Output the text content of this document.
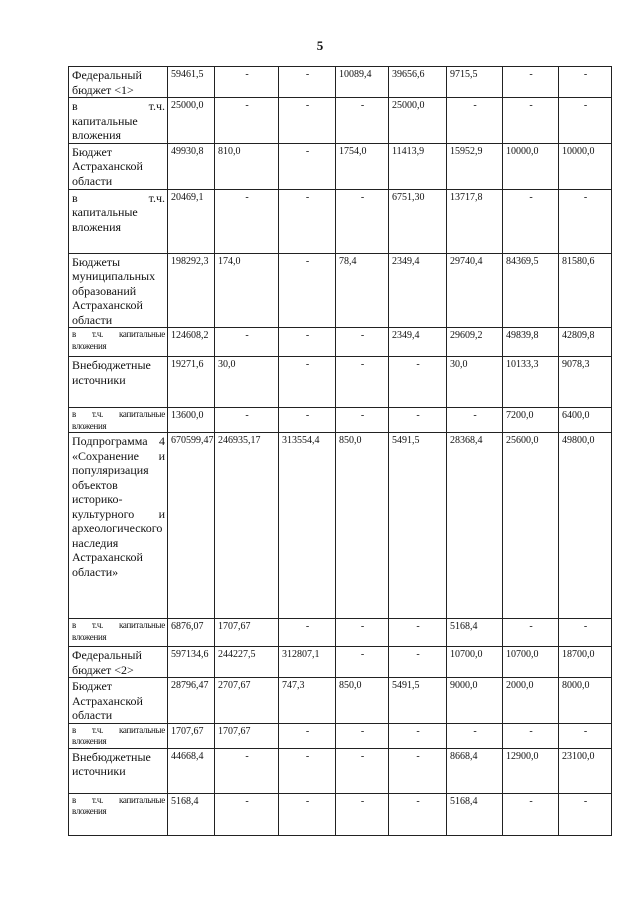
5
Федеральный бюджет <1>	59461,5	-	-	10089,4	39656,6	9715,5	-	-
в т.ч. капитальные вложения	25000,0	-	-	-	25000,0	-	-	-
Бюджет Астраханской области	49930,8	810,0	-	1754,0	11413,9	15952,9	10000,0	10000,0
в т.ч. капитальные вложения	20469,1	-	-	-	6751,30	13717,8	-	-
Бюджеты муниципальных образований Астраханской области	198292,3	174,0	-	78,4	2349,4	29740,4	84369,5	81580,6
в т.ч. капитальные вложения	124608,2	-	-	-	2349,4	29609,2	49839,8	42809,8
Внебюджетные источники	19271,6	30,0	-	-	-	30,0	10133,3	9078,3
в т.ч. капитальные вложения	13600,0	-	-	-	-	-	7200,0	6400,0
Подпрограмма 4 «Сохранение и популяризация объектов историко-культурного и археологического наследия Астраханской области»	670599,47	246935,17	313554,4	850,0	5491,5	28368,4	25600,0	49800,0
в т.ч. капитальные вложения	6876,07	1707,67	-	-	-	5168,4	-	-
Федеральный бюджет <2>	597134,6	244227,5	312807,1	-	-	10700,0	10700,0	18700,0
Бюджет Астраханской области	28796,47	2707,67	747,3	850,0	5491,5	9000,0	2000,0	8000,0
в т.ч. капитальные вложения	1707,67	1707,67	-	-	-	-	-	-
Внебюджетные источники	44668,4	-	-	-	-	8668,4	12900,0	23100,0
в т.ч. капитальные вложения	5168,4	-	-	-	-	5168,4	-	-
